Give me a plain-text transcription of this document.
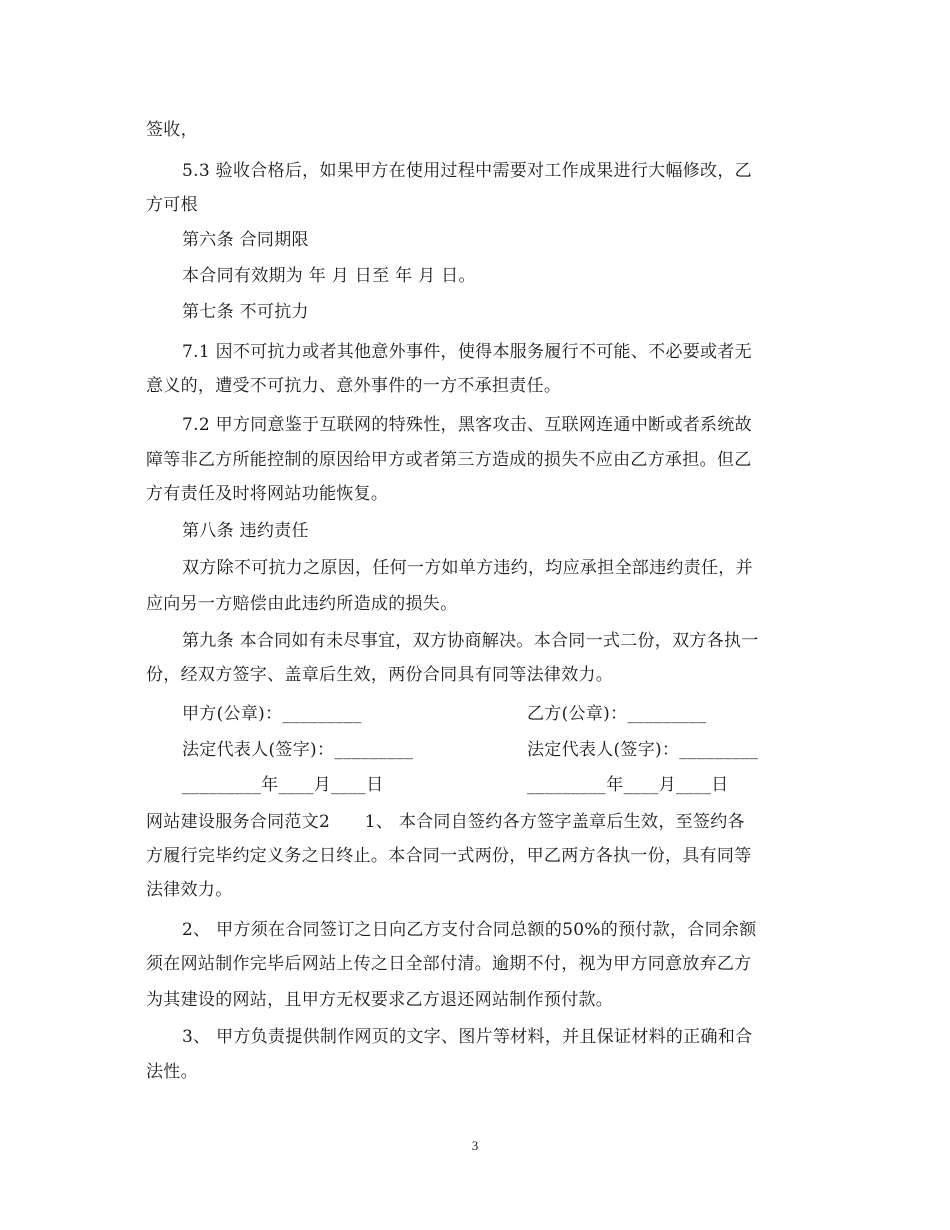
签收，
5.3 验收合格后，如果甲方在使用过程中需要对工作成果进行大幅修改，乙
方可根
第六条 合同期限
本合同有效期为 年 月 日至 年 月 日。
第七条 不可抗力
7.1 因不可抗力或者其他意外事件，使得本服务履行不可能、不必要或者无
意义的，遭受不可抗力、意外事件的一方不承担责任。
7.2 甲方同意鉴于互联网的特殊性，黑客攻击、互联网连通中断或者系统故
障等非乙方所能控制的原因给甲方或者第三方造成的损失不应由乙方承担。但乙
方有责任及时将网站功能恢复。
第八条 违约责任
双方除不可抗力之原因，任何一方如单方违约，均应承担全部违约责任，并
应向另一方赔偿由此违约所造成的损失。
第九条 本合同如有未尽事宜，双方协商解决。本合同一式二份，双方各执一
份，经双方签字、盖章后生效，两份合同具有同等法律效力。
甲方(公章)：_________	乙方(公章)：_________
法定代表人(签字)：_________	法定代表人(签字)：_________
_________年____月____日	_________年____月____日
网站建设服务合同范文2　　1、 本合同自签约各方签字盖章后生效，至签约各
方履行完毕约定义务之日终止。本合同一式两份，甲乙两方各执一份，具有同等
法律效力。
2、 甲方须在合同签订之日向乙方支付合同总额的50%的预付款，合同余额
须在网站制作完毕后网站上传之日全部付清。逾期不付，视为甲方同意放弃乙方
为其建设的网站，且甲方无权要求乙方退还网站制作预付款。
3、 甲方负责提供制作网页的文字、图片等材料，并且保证材料的正确和合
法性。
3
